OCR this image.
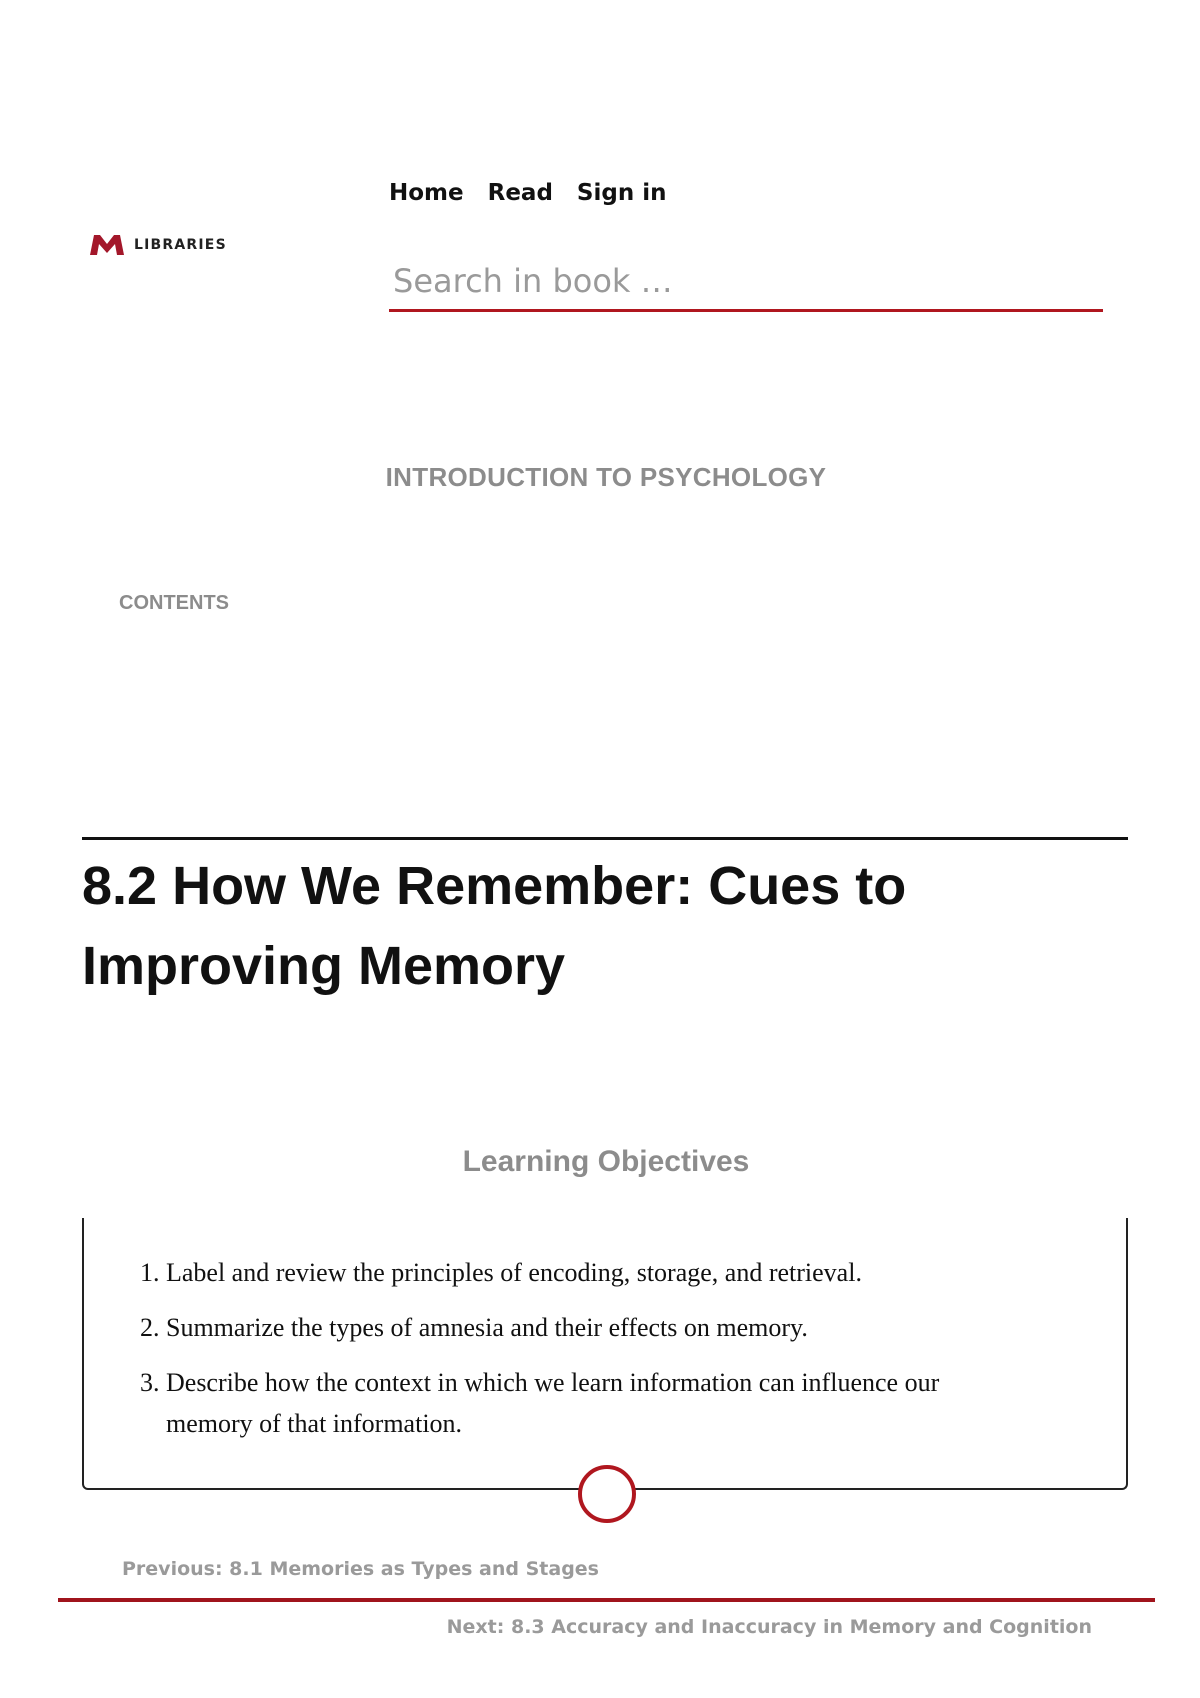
LIBRARIES
Home Read Sign in
Search in book …
INTRODUCTION TO PSYCHOLOGY
CONTENTS
8.2 How We Remember: Cues to Improving Memory
Learning Objectives
1. Label and review the principles of encoding, storage, and retrieval.
2. Summarize the types of amnesia and their effects on memory.
3. Describe how the context in which we learn information can influence our memory of that information.
Previous: 8.1 Memories as Types and Stages
Next: 8.3 Accuracy and Inaccuracy in Memory and Cognition
